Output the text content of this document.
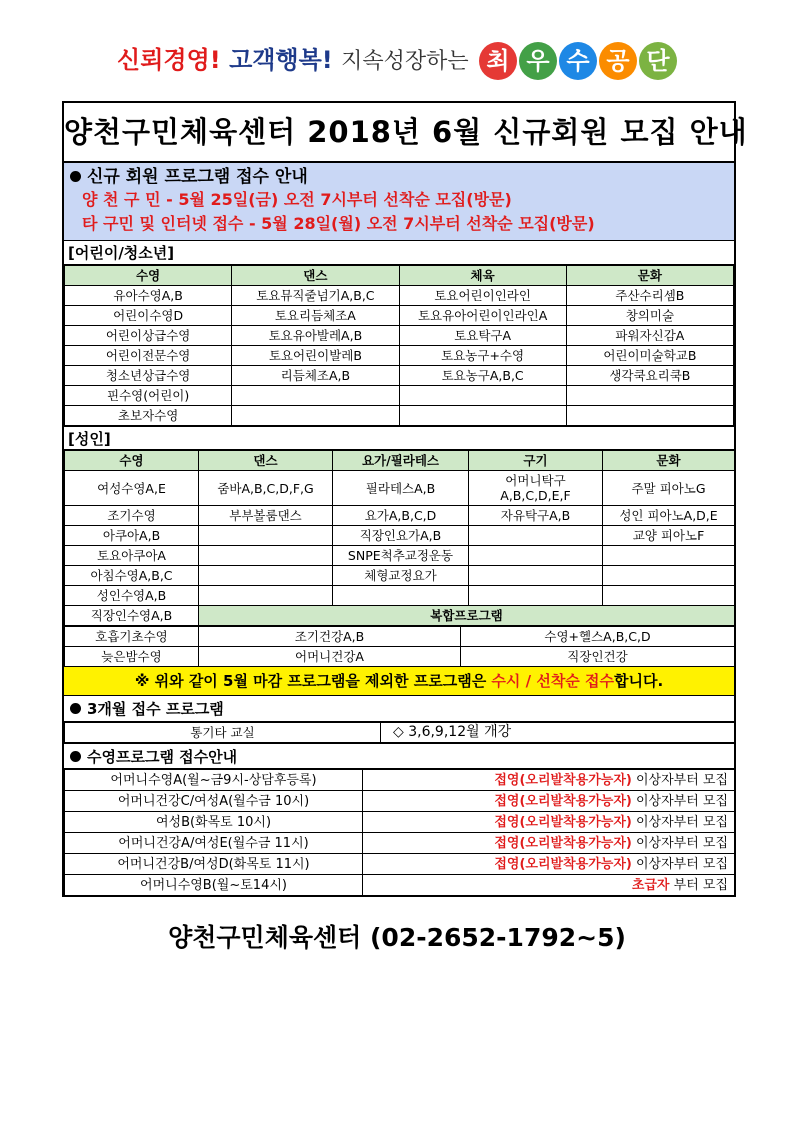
신뢰경영! 고객행복! 지속성장하는 최 우 수 공 단
양천구민체육센터 2018년 6월 신규회원 모집 안내
신규 회원 프로그램 접수 안내
양 천 구 민 - 5월 25일(금) 오전 7시부터 선착순 모집(방문)
타 구민 및 인터넷 접수 - 5월 28일(월) 오전 7시부터 선착순 모집(방문)
[어린이/청소년]
수영	댄스	체육	문화
유아수영A,B	토요뮤직줄넘기A,B,C	토요어린이인라인	주산수리셈B
어린이수영D	토요리듬체조A	토요유아어린이인라인A	창의미술
어린이상급수영	토요유아발레A,B	토요탁구A	파워자신감A
어린이전문수영	토요어린이발레B	토요농구+수영	어린이미술학교B
청소년상급수영	리듬체조A,B	토요농구A,B,C	생각쿡요리쿡B
핀수영(어린이)			
초보자수영			
[성인]
수영	댄스	요가/필라테스	구기	문화
여성수영A,E	줌바A,B,C,D,F,G	필라테스A,B	어머니탁구 A,B,C,D,E,F	주말 피아노G
조기수영	부부볼룸댄스	요가A,B,C,D	자유탁구A,B	성인 피아노A,D,E
아쿠아A,B		직장인요가A,B		교양 피아노F
토요아쿠아A		SNPE척추교정운동		
아침수영A,B,C		체형교정요가		
성인수영A,B				
직장인수영A,B	복합프로그램			
호흡기초수영	조기건강A,B	수영+헬스A,B,C,D
늦은밤수영	어머니건강A	직장인건강
※ 위와 같이 5월 마감 프로그램을 제외한 프로그램은 수시 / 선착순 접수합니다.
3개월 접수 프로그램
통기타 교실	◇ 3,6,9,12월 개강
수영프로그램 접수안내
어머니수영A(월~금9시-상담후등록)	접영(오리발착용가능자) 이상자부터 모집
어머니건강C/여성A(월수금 10시)	접영(오리발착용가능자) 이상자부터 모집
여성B(화목토 10시)	접영(오리발착용가능자) 이상자부터 모집
어머니건강A/여성E(월수금 11시)	접영(오리발착용가능자) 이상자부터 모집
어머니건강B/여성D(화목토 11시)	접영(오리발착용가능자) 이상자부터 모집
어머니수영B(월~토14시)	초급자 부터 모집
양천구민체육센터 (02-2652-1792~5)
